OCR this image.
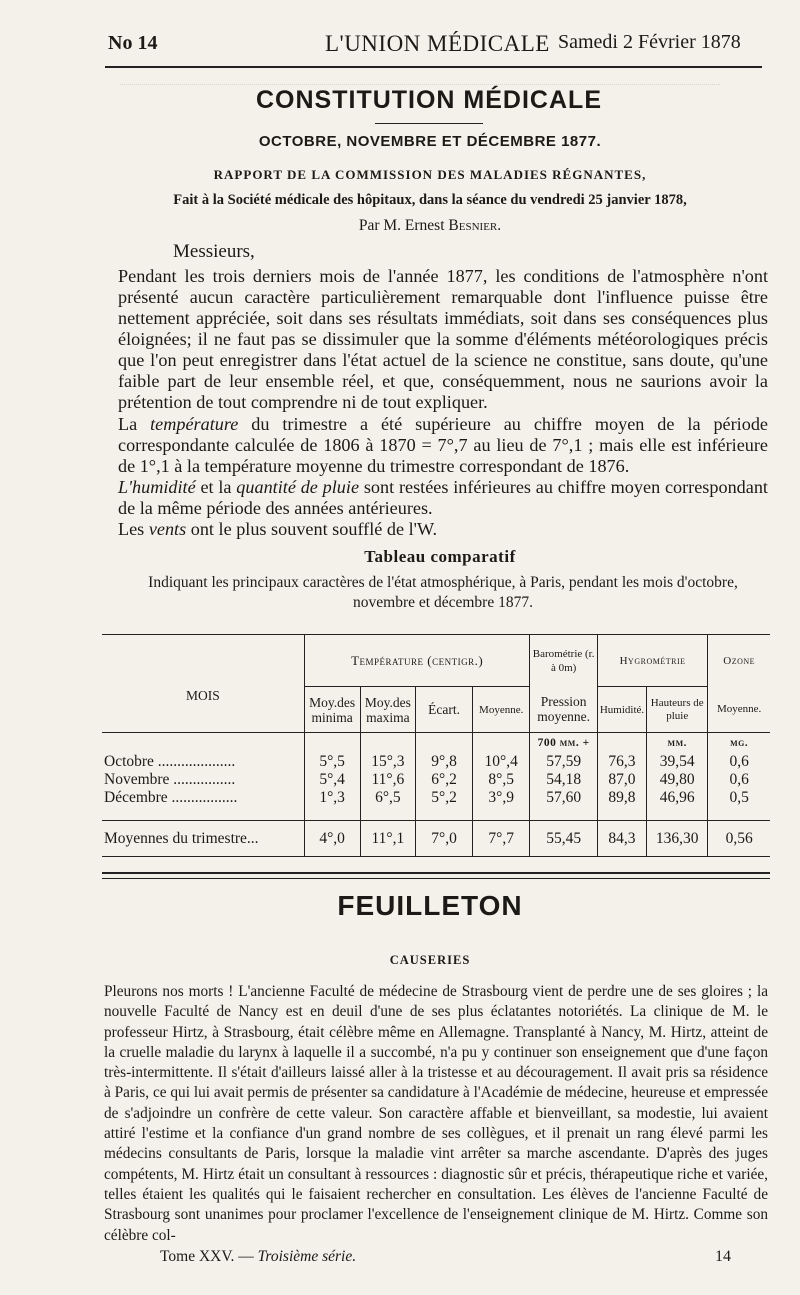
No 14	L'UNION MÉDICALE Samedi 2 Février 1878
CONSTITUTION MÉDICALE
OCTOBRE, NOVEMBRE ET DÉCEMBRE 1877.
RAPPORT DE LA COMMISSION DES MALADIES RÉGNANTES,
Fait à la Société médicale des hôpitaux, dans la séance du vendredi 25 janvier 1878,
Par M. Ernest Besnier.
Messieurs,
Pendant les trois derniers mois de l'année 1877, les conditions de l'atmosphère n'ont présenté aucun caractère particulièrement remarquable dont l'influence puisse être nettement appréciée, soit dans ses résultats immédiats, soit dans ses conséquences plus éloignées; il ne faut pas se dissimuler que la somme d'éléments météorologiques précis que l'on peut enregistrer dans l'état actuel de la science ne constitue, sans doute, qu'une faible part de leur ensemble réel, et que, conséquemment, nous ne saurions avoir la prétention de tout comprendre ni de tout expliquer.
La température du trimestre a été supérieure au chiffre moyen de la période correspondante calculée de 1806 à 1870 = 7°,7 au lieu de 7°,1 ; mais elle est inférieure de 1°,1 à la température moyenne du trimestre correspondant de 1876.
L'humidité et la quantité de pluie sont restées inférieures au chiffre moyen correspondant de la même période des années antérieures.
Les vents ont le plus souvent soufflé de l'W.
Tableau comparatif
Indiquant les principaux caractères de l'état atmosphérique, à Paris, pendant les mois d'octobre, novembre et décembre 1877.
MOIS	Température (centigr.)				Barométrie (r. à 0m)	Hygrométrie		Ozone
	Moy.des minima	Moy.des maxima	Écart.	Moyenne.	Pression moyenne.	Humidité.	Hauteurs de pluie	Moyenne.
					700 mm. +		mm.	mg.
Octobre ....................	5°,5	15°,3	9°,8	10°,4	57,59	76,3	39,54	0,6
Novembre ................	5°,4	11°,6	6°,2	8°,5	54,18	87,0	49,80	0,6
Décembre .................	1°,3	6°,5	5°,2	3°,9	57,60	89,8	46,96	0,5

Moyennes du trimestre...	4°,0	11°,1	7°,0	7°,7	55,45	84,3	136,30	0,56
FEUILLETON
CAUSERIES
Pleurons nos morts ! L'ancienne Faculté de médecine de Strasbourg vient de perdre une de ses gloires ; la nouvelle Faculté de Nancy est en deuil d'une de ses plus éclatantes notoriétés. La clinique de M. le professeur Hirtz, à Strasbourg, était célèbre même en Allemagne. Transplanté à Nancy, M. Hirtz, atteint de la cruelle maladie du larynx à laquelle il a succombé, n'a pu y continuer son enseignement que d'une façon très-intermittente. Il s'était d'ailleurs laissé aller à la tristesse et au découragement. Il avait pris sa résidence à Paris, ce qui lui avait permis de présenter sa candidature à l'Académie de médecine, heureuse et empressée de s'adjoindre un confrère de cette valeur. Son caractère affable et bienveillant, sa modestie, lui avaient attiré l'estime et la confiance d'un grand nombre de ses collègues, et il prenait un rang élevé parmi les médecins consultants de Paris, lorsque la maladie vint arrêter sa marche ascendante. D'après des juges compétents, M. Hirtz était un consultant à ressources : diagnostic sûr et précis, thérapeutique riche et variée, telles étaient les qualités qui le faisaient rechercher en consultation. Les élèves de l'ancienne Faculté de Strasbourg sont unanimes pour proclamer l'excellence de l'enseignement clinique de M. Hirtz. Comme son célèbre col-
Tome XXV. — Troisième série.	14
